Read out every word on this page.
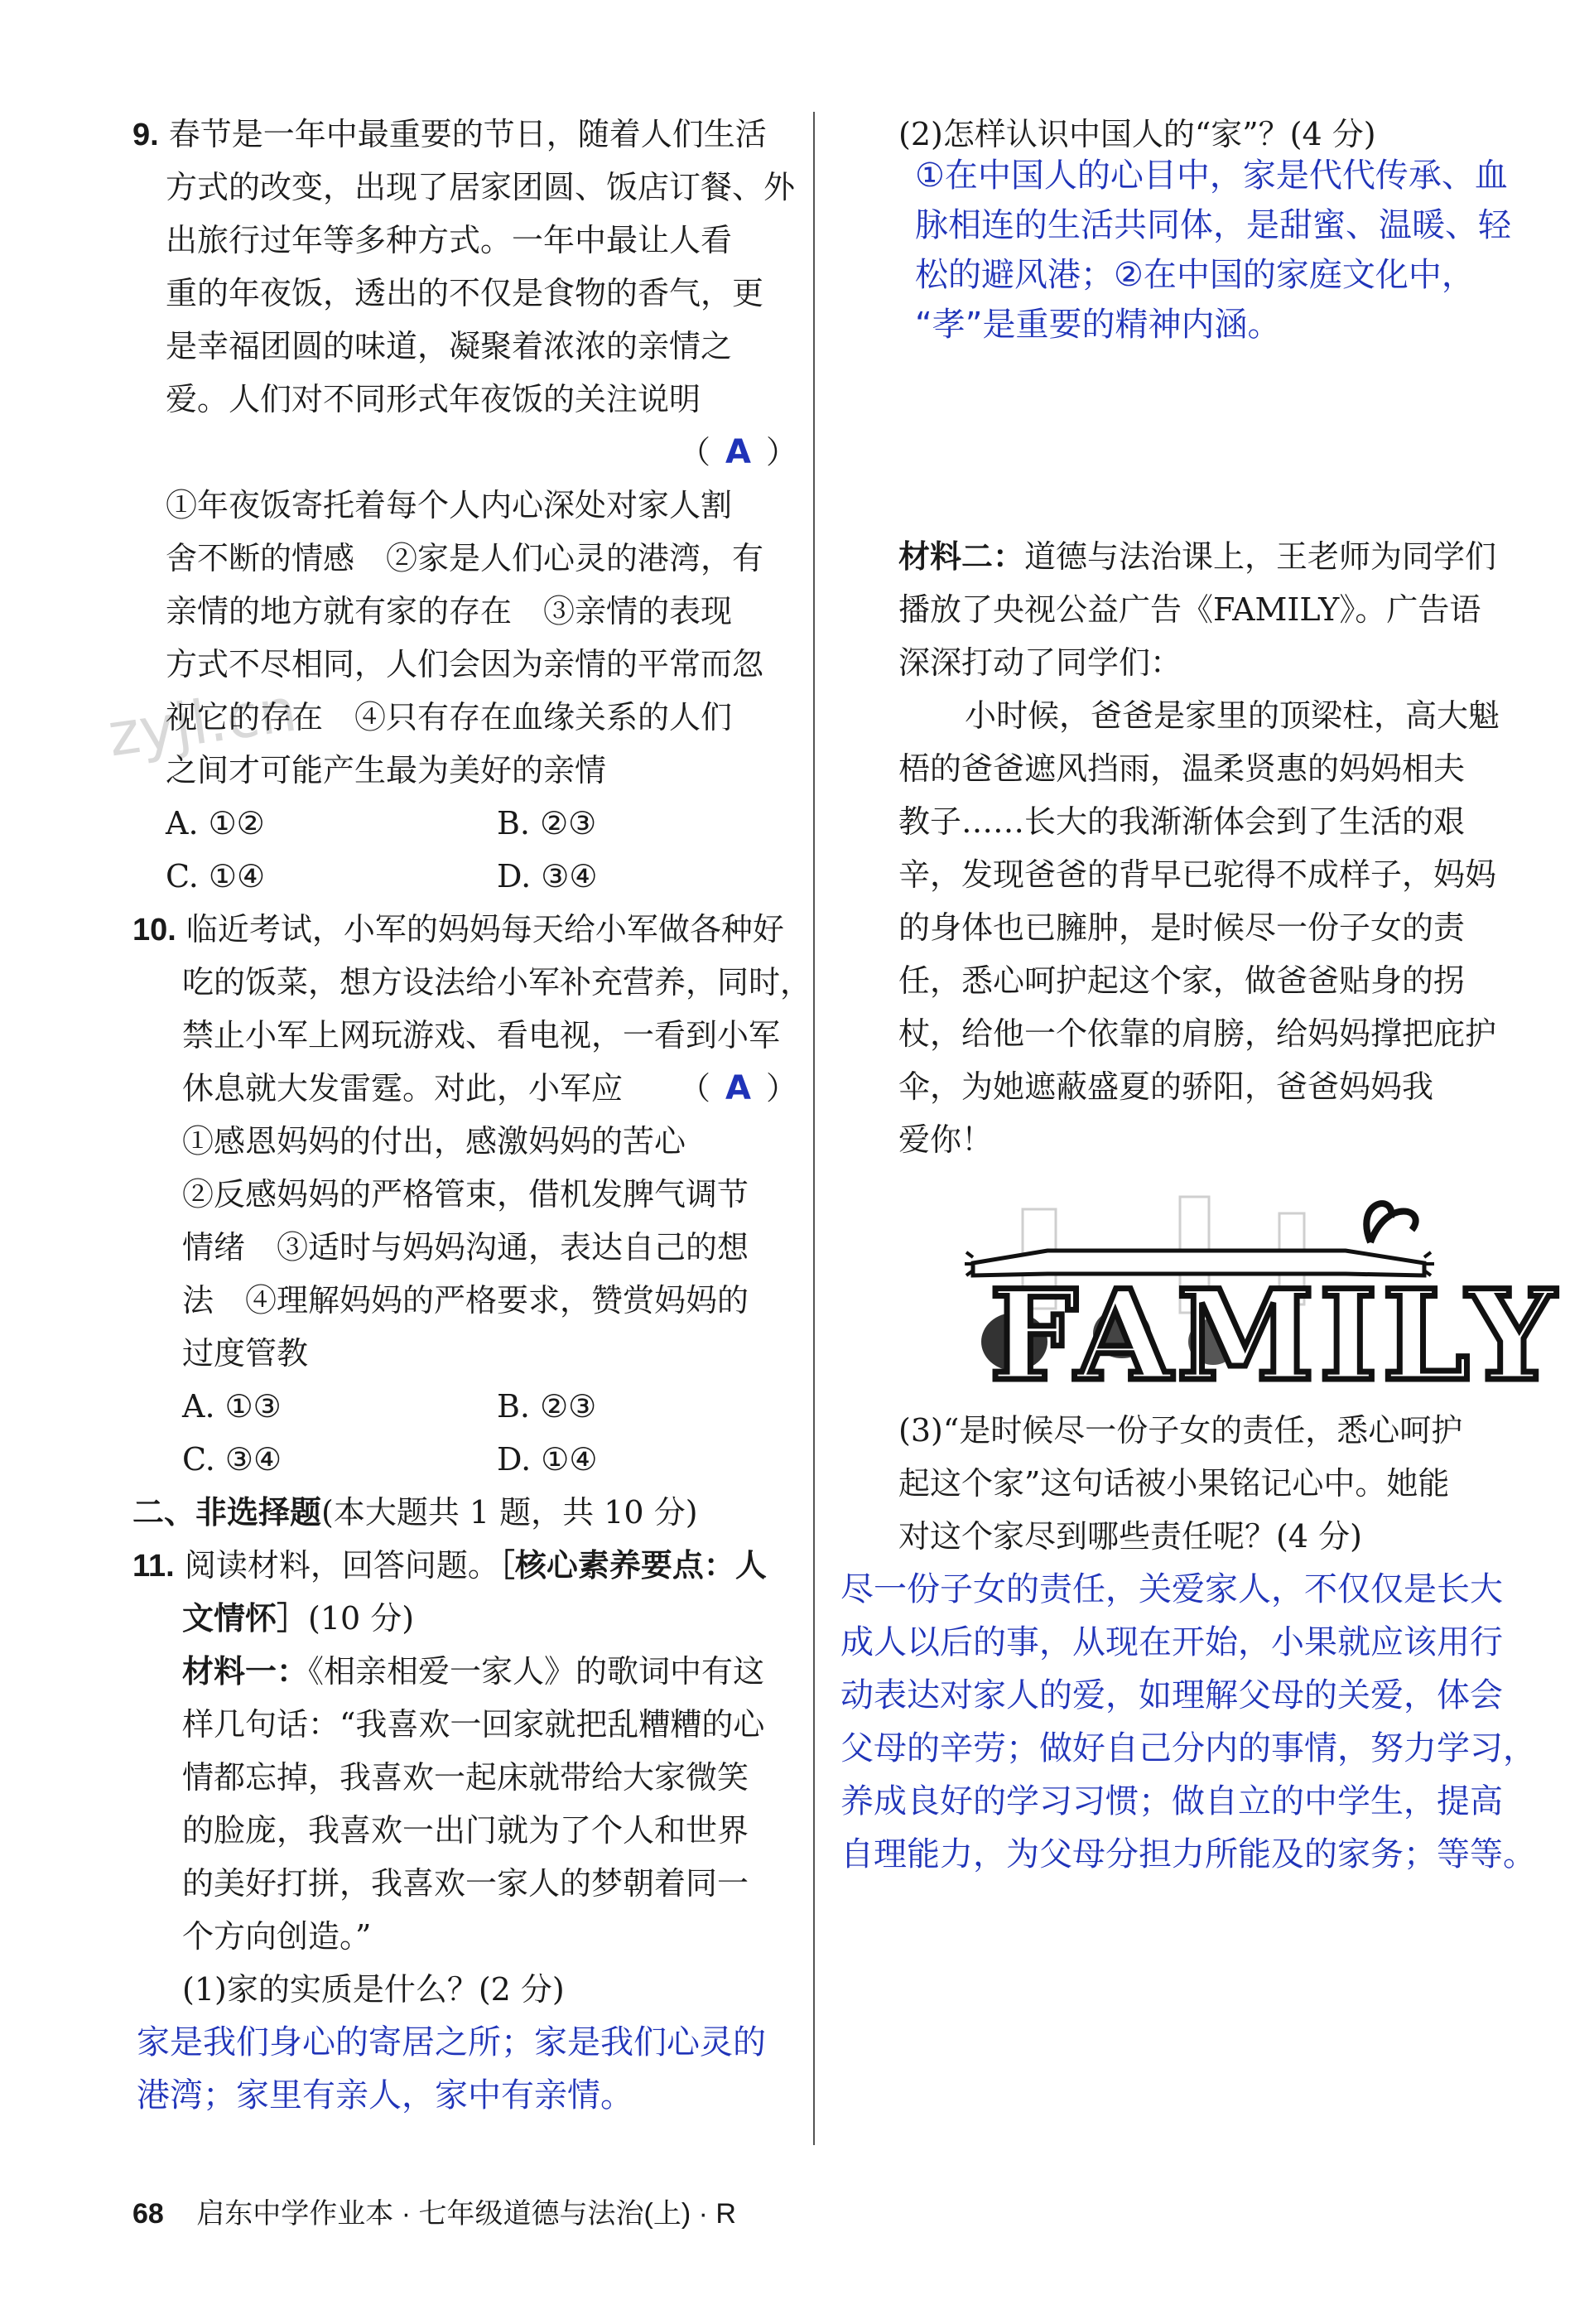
zyjl.cn
9. 春节是一年中最重要的节日，随着人们生活
方式的改变，出现了居家团圆、饭店订餐、外
出旅行过年等多种方式。一年中最让人看
重的年夜饭，透出的不仅是食物的香气，更
是幸福团圆的味道，凝聚着浓浓的亲情之
爱。人们对不同形式年夜饭的关注说明
（ A ）
①年夜饭寄托着每个人内心深处对家人割
舍不断的情感　②家是人们心灵的港湾，有
亲情的地方就有家的存在　③亲情的表现
方式不尽相同，人们会因为亲情的平常而忽
视它的存在　④只有存在血缘关系的人们
之间才可能产生最为美好的亲情
A. ①②	B. ②③
C. ①④	D. ③④
10. 临近考试，小军的妈妈每天给小军做各种好
吃的饭菜，想方设法给小军补充营养，同时，
禁止小军上网玩游戏、看电视，一看到小军
休息就大发雷霆。对此，小军应 （ A ）
①感恩妈妈的付出，感激妈妈的苦心
②反感妈妈的严格管束，借机发脾气调节
情绪　③适时与妈妈沟通，表达自己的想
法　④理解妈妈的严格要求，赞赏妈妈的
过度管教
A. ①③	B. ②③
C. ③④	D. ①④
二、非选择题(本大题共 1 题，共 10 分)
11. 阅读材料，回答问题。［核心素养要点：人
文情怀］(10 分)
材料一：《相亲相爱一家人》的歌词中有这
样几句话：“我喜欢一回家就把乱糟糟的心
情都忘掉，我喜欢一起床就带给大家微笑
的脸庞，我喜欢一出门就为了个人和世界
的美好打拼，我喜欢一家人的梦朝着同一
个方向创造。”
(1)家的实质是什么？(2 分)
家是我们身心的寄居之所；家是我们心灵的
港湾；家里有亲人，家中有亲情。
(2)怎样认识中国人的“家”？(4 分)
①在中国人的心目中，家是代代传承、血
脉相连的生活共同体，是甜蜜、温暖、轻
松的避风港；②在中国的家庭文化中，
“孝”是重要的精神内涵。
材料二：道德与法治课上，王老师为同学们
播放了央视公益广告《FAMILY》。广告语
深深打动了同学们：
小时候，爸爸是家里的顶梁柱，高大魁
梧的爸爸遮风挡雨，温柔贤惠的妈妈相夫
教子……长大的我渐渐体会到了生活的艰
辛，发现爸爸的背早已驼得不成样子，妈妈
的身体也已臃肿，是时候尽一份子女的责
任，悉心呵护起这个家，做爸爸贴身的拐
杖，给他一个依靠的肩膀，给妈妈撑把庇护
伞，为她遮蔽盛夏的骄阳，爸爸妈妈我
爱你！
(3)“是时候尽一份子女的责任，悉心呵护
起这个家”这句话被小果铭记心中。她能
对这个家尽到哪些责任呢？(4 分)
尽一份子女的责任，关爱家人，不仅仅是长大
成人以后的事，从现在开始，小果就应该用行
动表达对家人的爱，如理解父母的关爱，体会
父母的辛劳；做好自己分内的事情，努力学习，
养成良好的学习习惯；做自立的中学生，提高
自理能力，为父母分担力所能及的家务；等等。
FAMILY
68 启东中学作业本 · 七年级道德与法治(上) · R
